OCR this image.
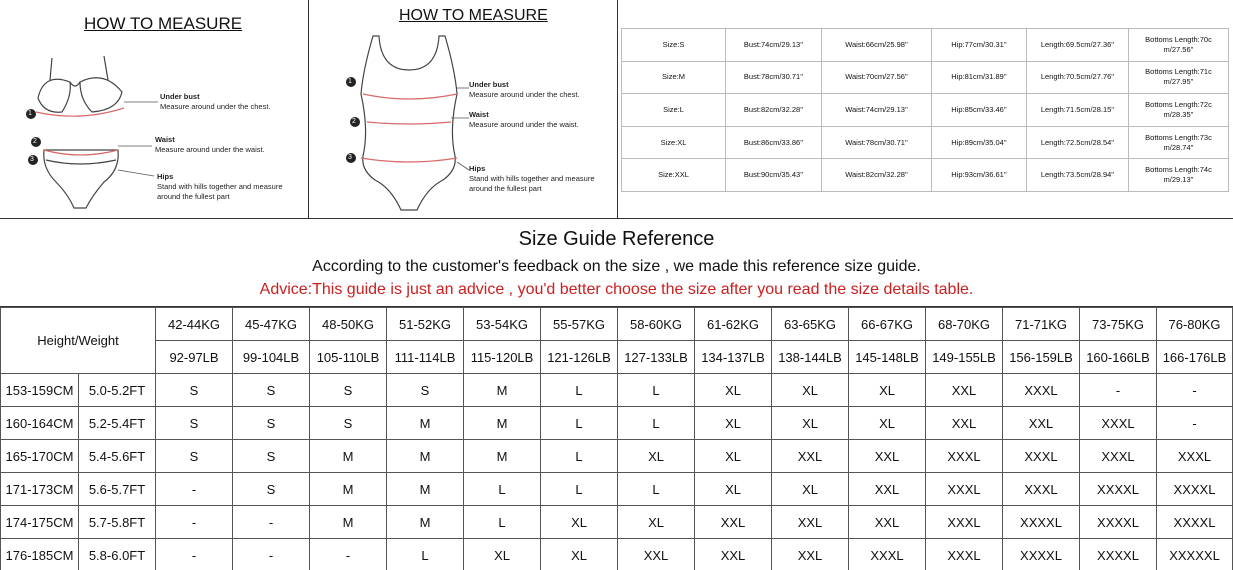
HOW TO MEASURE
1
2
3
Under bust
Measure around under the chest.
Waist
Measure around under the waist.
Hips
Stand with hills together and measure
around the fullest part
HOW TO MEASURE
1
2
3
Under bust
Measure around under the chest.
Waist
Measure around under the waist.
Hips
Stand with hills together and measure
around the fullest part
Size:S	Bust:74cm/29.13''	Waist:66cm/25.98''	Hip:77cm/30.31''	Length:69.5cm/27.36''	Bottoms Length:70c
m/27.56''
Size:M	Bust:78cm/30.71''	Waist:70cm/27.56''	Hip:81cm/31.89''	Length:70.5cm/27.76''	Bottoms Length:71c
m/27.95''
Size:L	Bust:82cm/32.28''	Waist:74cm/29.13''	Hip:85cm/33.46''	Length:71.5cm/28.15''	Bottoms Length:72c
m/28.35''
Size:XL	Bust:86cm/33.86''	Waist:78cm/30.71''	Hip:89cm/35.04''	Length:72.5cm/28.54''	Bottoms Length:73c
m/28.74''
Size:XXL	Bust:90cm/35.43''	Waist:82cm/32.28''	Hip:93cm/36.61''	Length:73.5cm/28.94''	Bottoms Length:74c
m/29.13''
Size Guide Reference
According to the customer's feedback on the size , we made this reference size guide.
Advice:This guide is just an advice , you'd better choose the size after you read the size details table.
Height/Weight		42-44KG	45-47KG	48-50KG	51-52KG	53-54KG	55-57KG	58-60KG	61-62KG	63-65KG	66-67KG	68-70KG	71-71KG	73-75KG	76-80KG
		92-97LB	99-104LB	105-110LB	111-114LB	115-120LB	121-126LB	127-133LB	134-137LB	138-144LB	145-148LB	149-155LB	156-159LB	160-166LB	166-176LB
153-159CM	5.0-5.2FT	S	S	S	S	M	L	L	XL	XL	XL	XXL	XXXL	-	-
160-164CM	5.2-5.4FT	S	S	S	M	M	L	L	XL	XL	XL	XXL	XXL	XXXL	-
165-170CM	5.4-5.6FT	S	S	M	M	M	L	XL	XL	XXL	XXL	XXXL	XXXL	XXXL	XXXL
171-173CM	5.6-5.7FT	-	S	M	M	L	L	L	XL	XL	XXL	XXXL	XXXL	XXXXL	XXXXL
174-175CM	5.7-5.8FT	-	-	M	M	L	XL	XL	XXL	XXL	XXL	XXXL	XXXXL	XXXXL	XXXXL
176-185CM	5.8-6.0FT	-	-	-	L	XL	XL	XXL	XXL	XXL	XXXL	XXXL	XXXXL	XXXXL	XXXXXL
